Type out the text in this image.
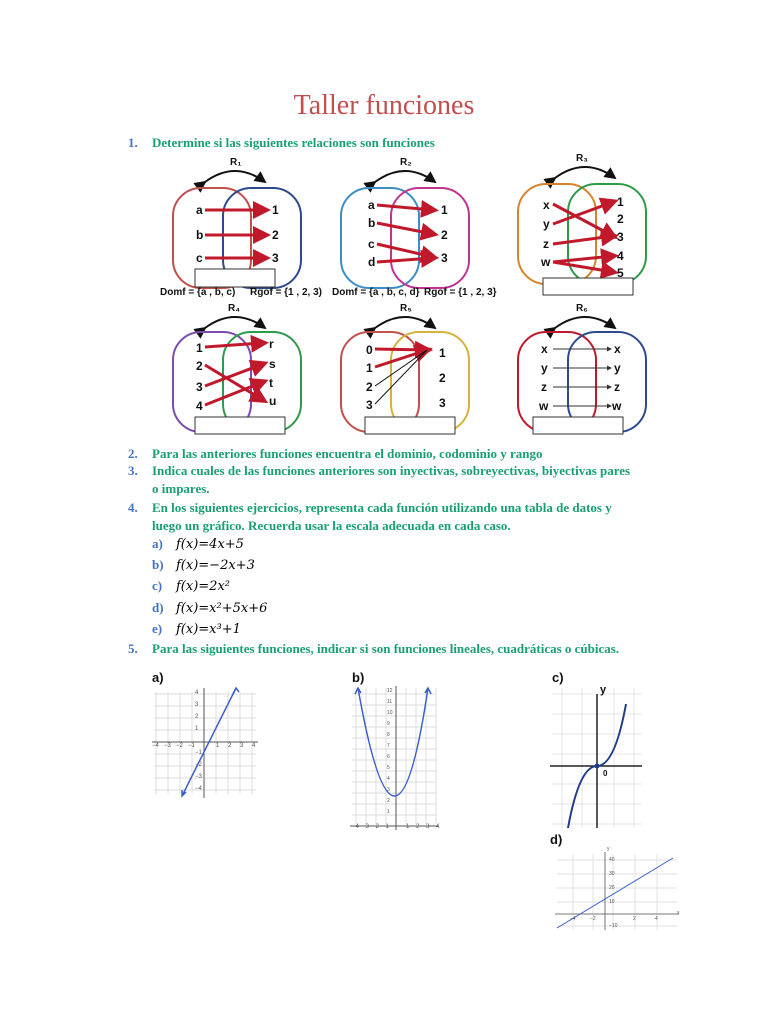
Taller funciones
1. Determine si las siguientes relaciones son funciones
R₁	R₂	R₃
R₄	R₅	R₆
a
b
c
1
2
3
Domf = {a , b, c) Rgof = {1 , 2, 3)
a
b
c
d
1
2
3
Domf = {a , b, c, d} Rgof = {1 , 2, 3}
x
y
z
w
1
2
3
4
5
1
2
3
4
r
s
t
u
0
1
2
3
1
2
3
x
y
z
w
x
y
z
w
2. Para las anteriores funciones encuentra el dominio, codominio y rango
3. Indica cuales de las funciones anteriores son inyectivas, sobreyectivas, biyectivas pares
o impares.
4. En los siguientes ejercicios, representa cada función utilizando una tabla de datos y
luego un gráfico. Recuerda usar la escala adecuada en cada caso.
a) f(x)=4x+5
b) f(x)=−2x+3
c) f(x)=2x²
d) f(x)=x²+5x+6
e) f(x)=x³+1
5. Para las siguientes funciones, indicar si son funciones lineales, cuadráticas o cúbicas.
a)	b)	c)
d)
−4 −3 −2 −1	1 2 3 4
4
3
2
1
−1
−2
−3
−4
−4 −3 −2 −1	1 2 3 4
12
11
10
9
8
7
6
5
4
3
2
1
y
0
y
x
40
30
20
10
−10
−4	−2	2	4
